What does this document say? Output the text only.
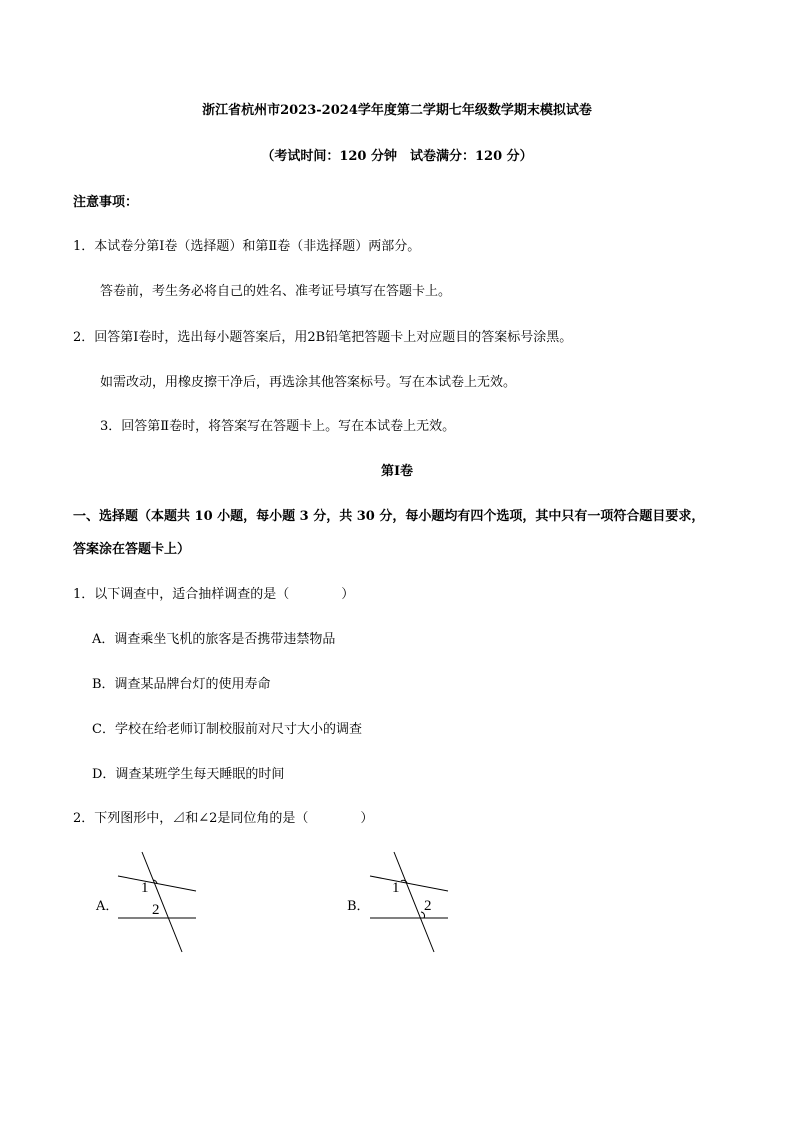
浙江省杭州市2023-2024学年度第二学期七年级数学期末模拟试卷
（考试时间：120 分钟　试卷满分：120 分）
注意事项：
1．本试卷分第Ⅰ卷（选择题）和第Ⅱ卷（非选择题）两部分。
答卷前，考生务必将自己的姓名、准考证号填写在答题卡上。
2．回答第Ⅰ卷时，选出每小题答案后，用2B铅笔把答题卡上对应题目的答案标号涂黑。
如需改动，用橡皮擦干净后，再选涂其他答案标号。写在本试卷上无效。
3．回答第Ⅱ卷时，将答案写在答题卡上。写在本试卷上无效。
第Ⅰ卷
一、选择题（本题共 10 小题，每小题 3 分，共 30 分，每小题均有四个选项，其中只有一项符合题目要求，
答案涂在答题卡上）
1．以下调查中，适合抽样调查的是（　　　　）
A．调查乘坐飞机的旅客是否携带违禁物品
B．调查某品牌台灯的使用寿命
C．学校在给老师订制校服前对尺寸大小的调查
D．调查某班学生每天睡眠的时间
2．下列图形中，⊿和∠2是同位角的是（　　　　）
A．
1
2	B．
1
2
